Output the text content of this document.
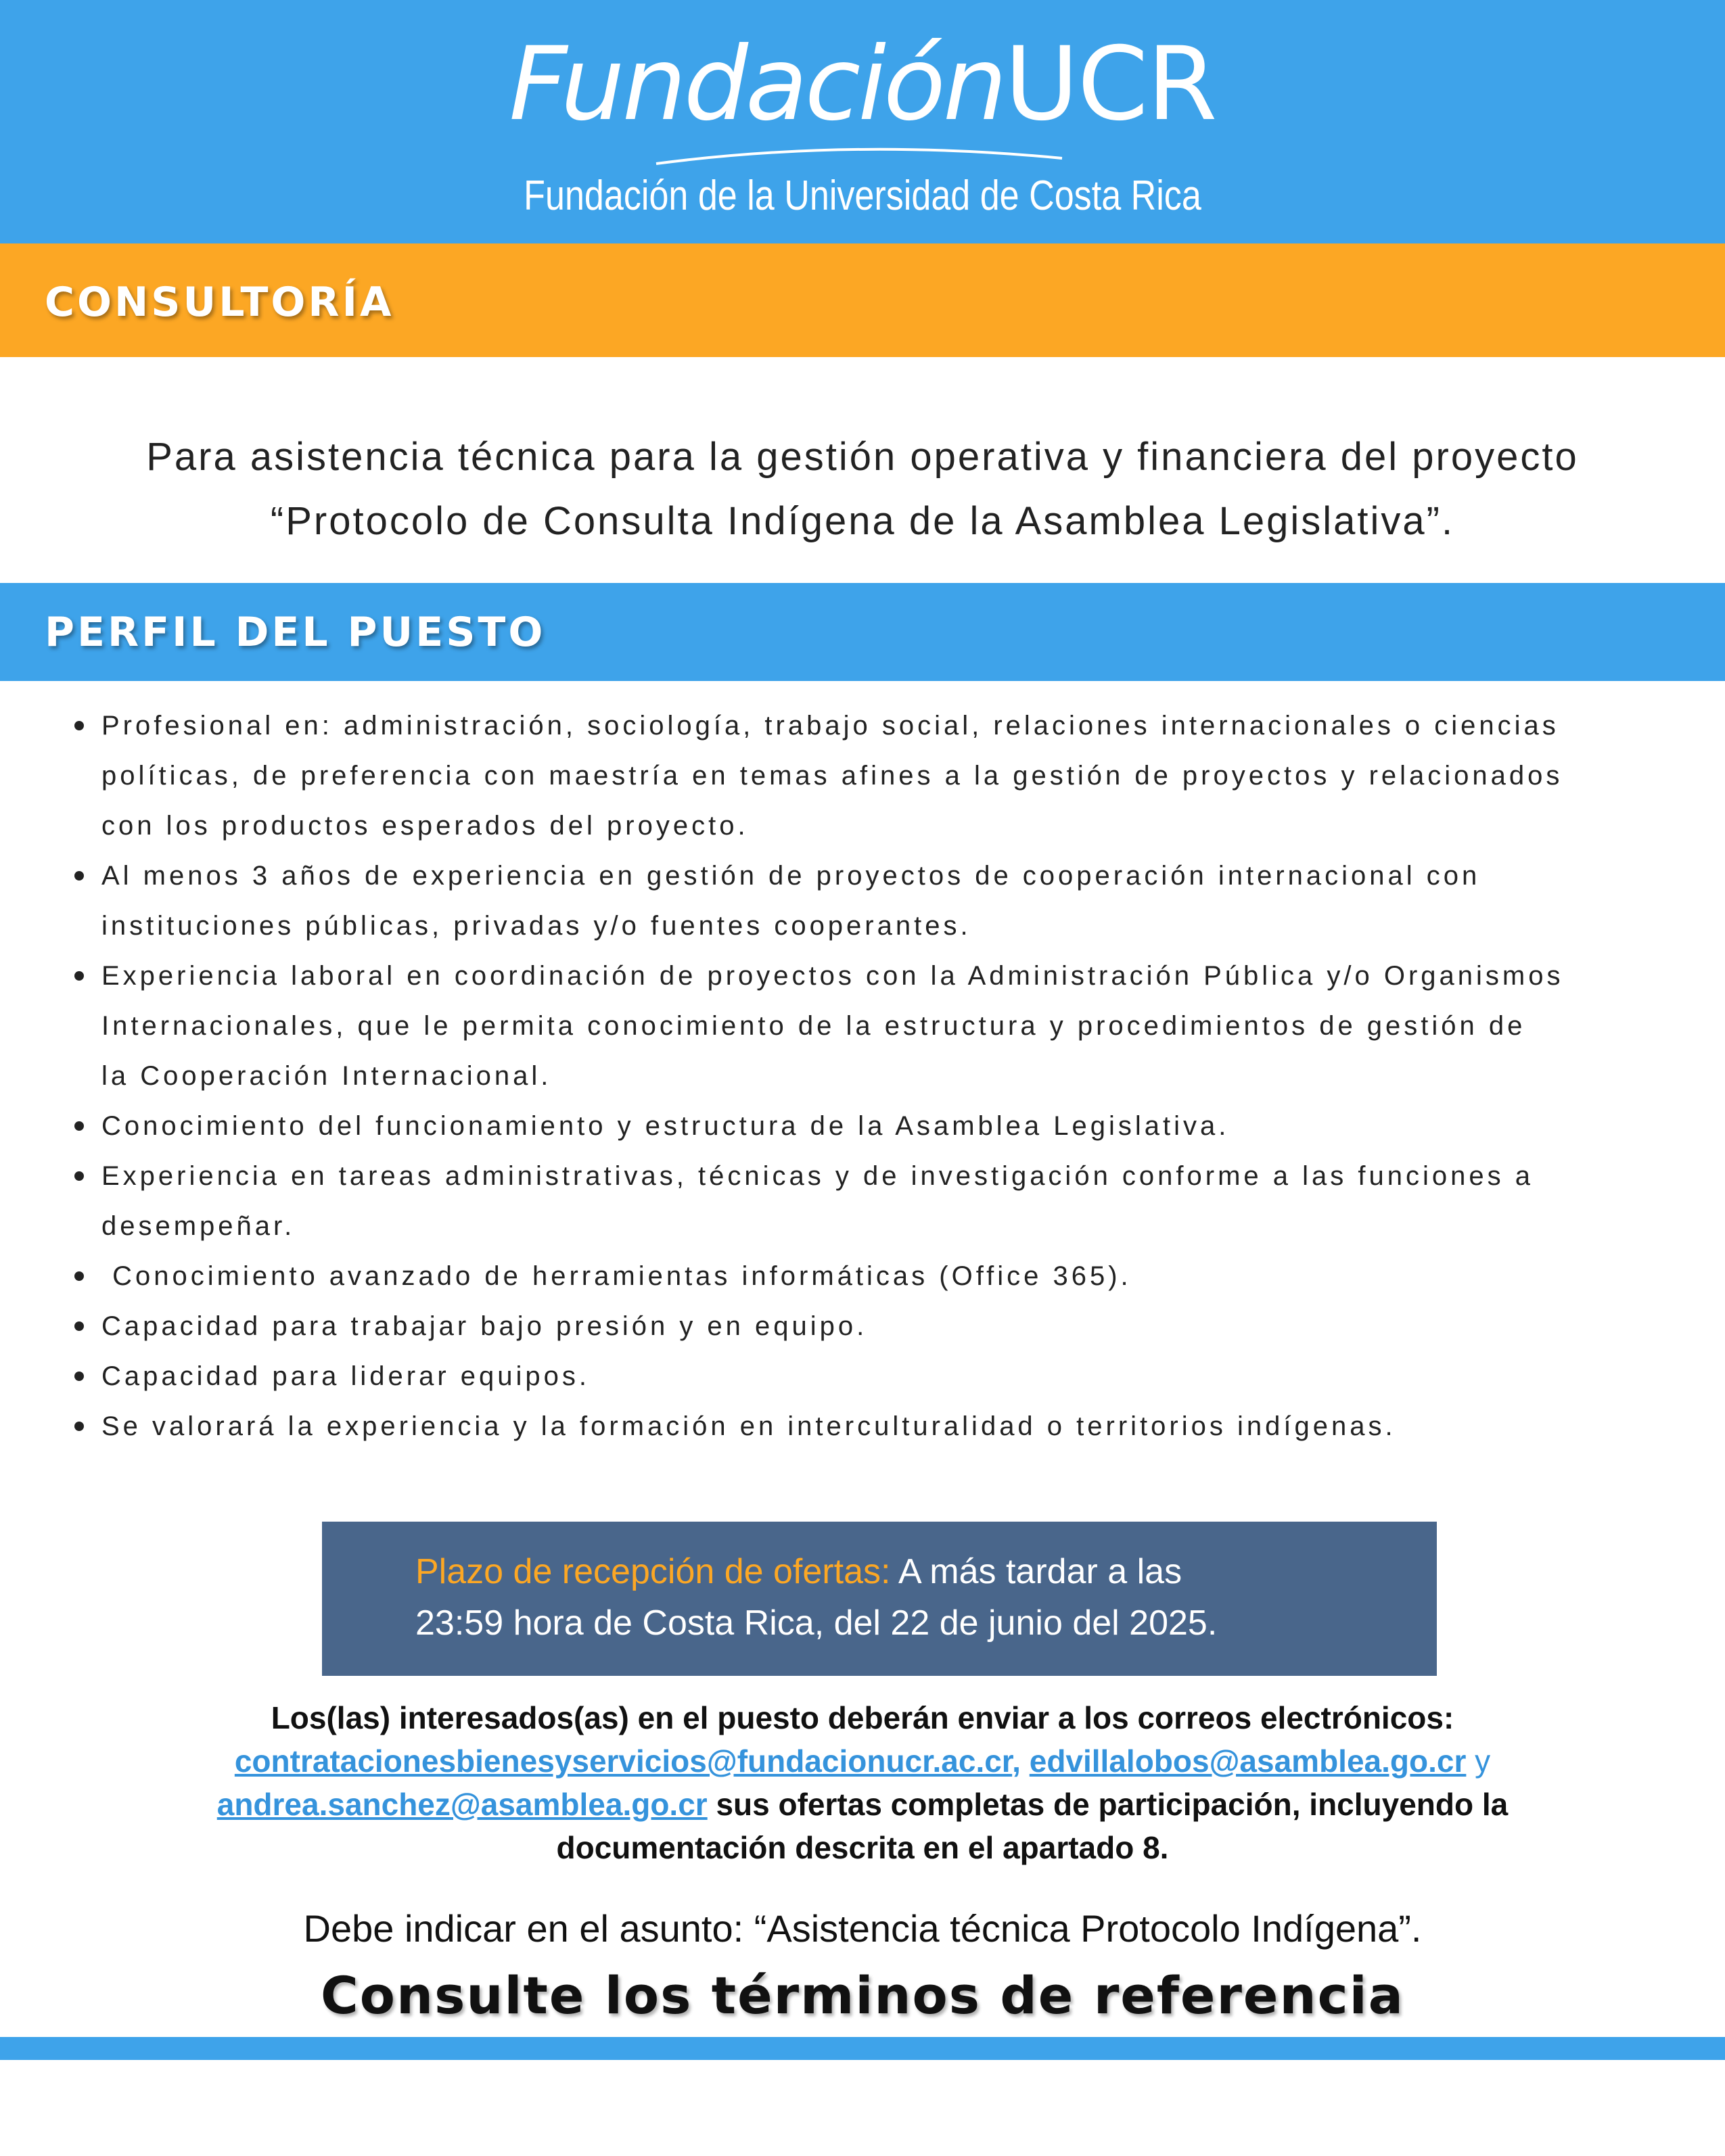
FundaciónUCR
Fundación de la Universidad de Costa Rica
CONSULTORÍA
Para asistencia técnica para la gestión operativa y financiera del proyecto
“Protocolo de Consulta Indígena de la Asamblea Legislativa”.
PERFIL DEL PUESTO
Profesional en: administración, sociología, trabajo social, relaciones internacionales o ciencias
políticas, de preferencia con maestría en temas afines a la gestión de proyectos y relacionados
con los productos esperados del proyecto.
Al menos 3 años de experiencia en gestión de proyectos de cooperación internacional con
instituciones públicas, privadas y/o fuentes cooperantes.
Experiencia laboral en coordinación de proyectos con la Administración Pública y/o Organismos
Internacionales, que le permita conocimiento de la estructura y procedimientos de gestión de
la Cooperación Internacional.
Conocimiento del funcionamiento y estructura de la Asamblea Legislativa.
Experiencia en tareas administrativas, técnicas y de investigación conforme a las funciones a
desempeñar.
Conocimiento avanzado de herramientas informáticas (Office 365).
Capacidad para trabajar bajo presión y en equipo.
Capacidad para liderar equipos.
Se valorará la experiencia y la formación en interculturalidad o territorios indígenas.
Plazo de recepción de ofertas: A más tardar a las
23:59 hora de Costa Rica, del 22 de junio del 2025.
Los(las) interesados(as) en el puesto deberán enviar a los correos electrónicos:
contratacionesbienesyservicios@fundacionucr.ac.cr, edvillalobos@asamblea.go.cr y
andrea.sanchez@asamblea.go.cr sus ofertas completas de participación, incluyendo la
documentación descrita en el apartado 8.
Debe indicar en el asunto: “Asistencia técnica Protocolo Indígena”.
Consulte los términos de referencia
